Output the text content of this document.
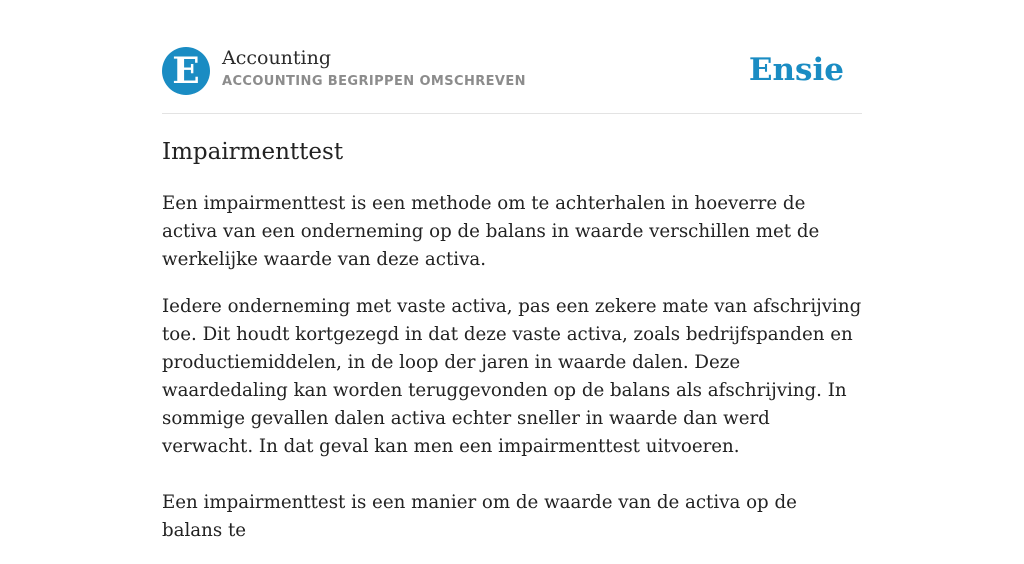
E	Accounting
ACCOUNTING BEGRIPPEN OMSCHREVEN	Ensie
Impairmenttest

Een impairmenttest is een methode om te achterhalen in hoeverre de activa van een onderneming op de balans in waarde verschillen met de werkelijke waarde van deze activa.

Iedere onderneming met vaste activa, pas een zekere mate van afschrijving toe. Dit houdt kortgezegd in dat deze vaste activa, zoals bedrijfspanden en productiemiddelen, in de loop der jaren in waarde dalen. Deze waardedaling kan worden teruggevonden op de balans als afschrijving. In sommige gevallen dalen activa echter sneller in waarde dan werd verwacht. In dat geval kan men een impairmenttest uitvoeren.

Een impairmenttest is een manier om de waarde van de activa op de balans te
